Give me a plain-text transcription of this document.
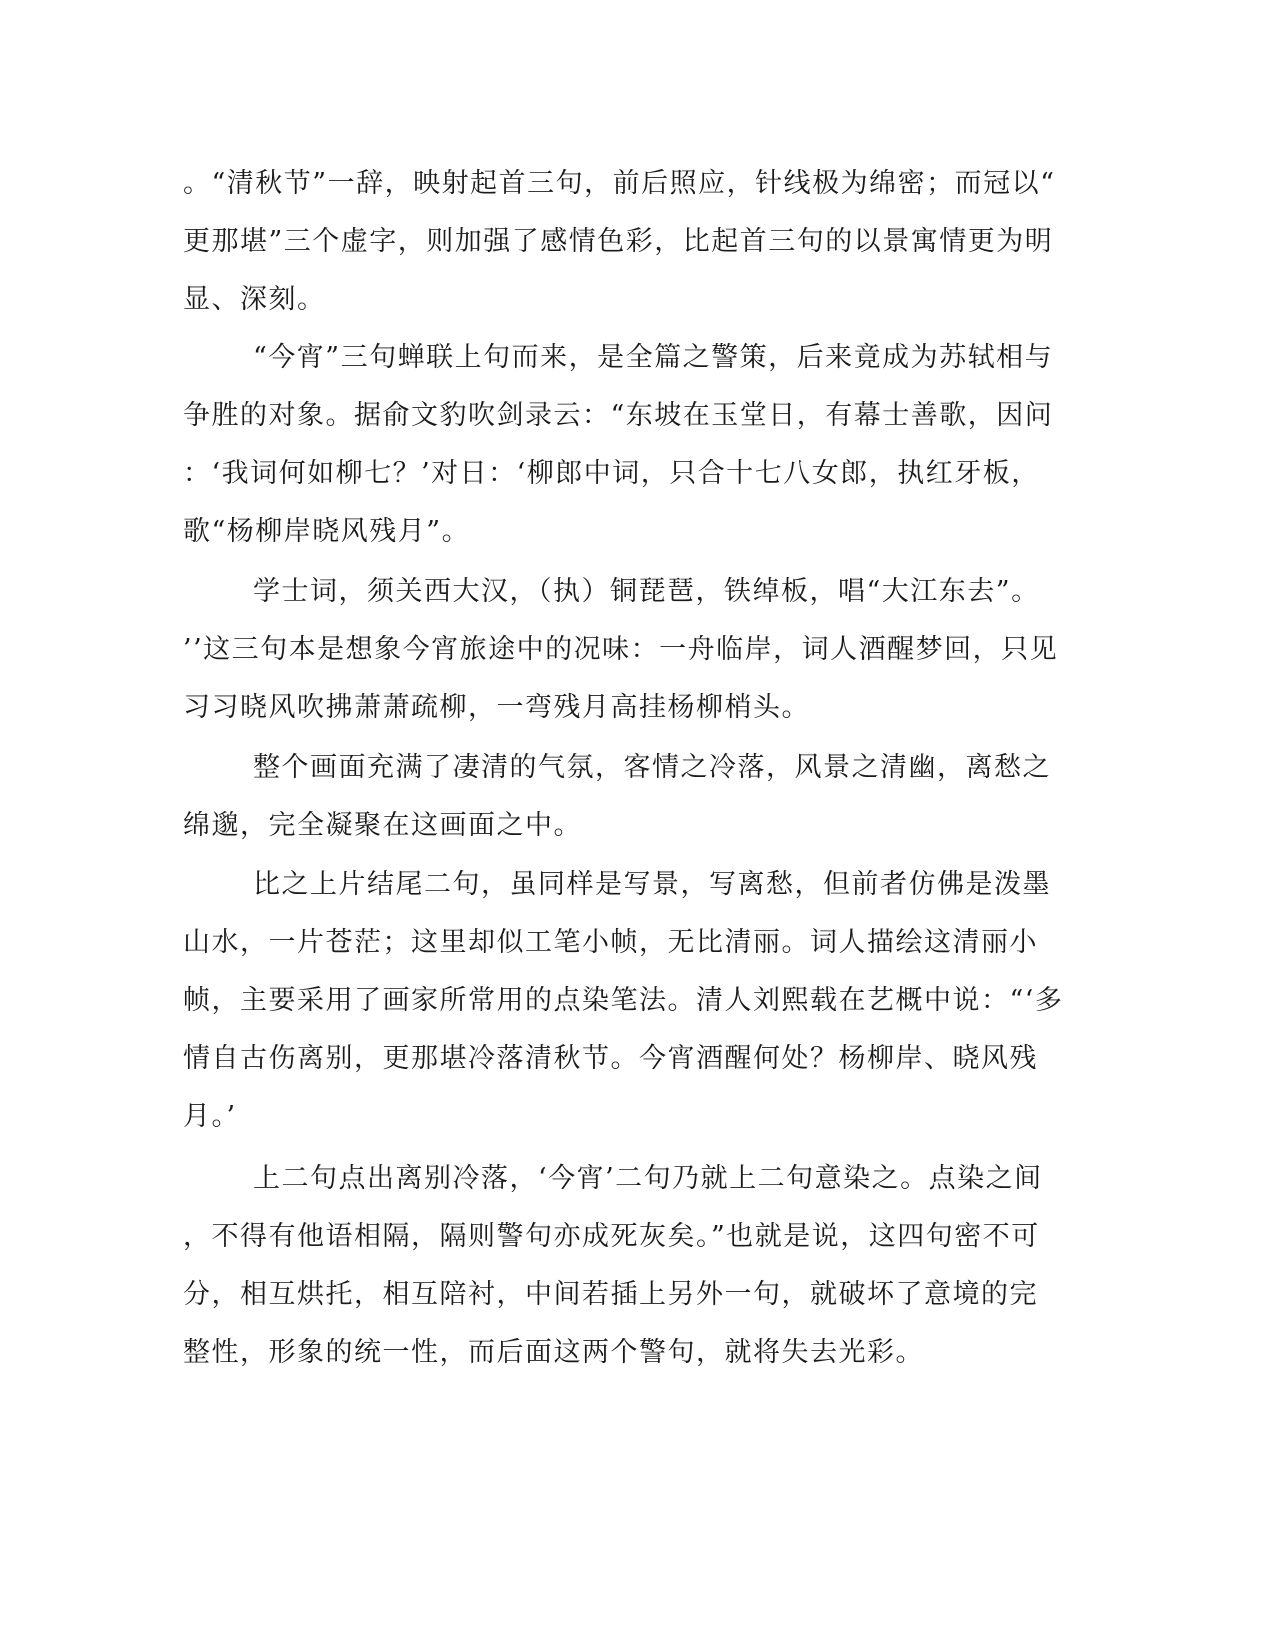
。“清秋节”一辞，映射起首三句，前后照应，针线极为绵密；而冠以“
更那堪”三个虚字，则加强了感情色彩，比起首三句的以景寓情更为明
显、深刻。
“今宵”三句蝉联上句而来，是全篇之警策，后来竟成为苏轼相与
争胜的对象。据俞文豹吹剑录云：“东坡在玉堂日，有幕士善歌，因问
：‘我词何如柳七？’对日：‘柳郎中词，只合十七八女郎，执红牙板，
歌“杨柳岸晓风残月”。
学士词，须关西大汉，（执）铜琵琶，铁绰板，唱“大江东去”。
’’这三句本是想象今宵旅途中的况味：一舟临岸，词人酒醒梦回，只见
习习晓风吹拂萧萧疏柳，一弯残月高挂杨柳梢头。
整个画面充满了凄清的气氛，客情之冷落，风景之清幽，离愁之
绵邈，完全凝聚在这画面之中。
比之上片结尾二句，虽同样是写景，写离愁，但前者仿佛是泼墨
山水，一片苍茫；这里却似工笔小帧，无比清丽。词人描绘这清丽小
帧，主要采用了画家所常用的点染笔法。清人刘熙载在艺概中说：“‘多
情自古伤离别，更那堪冷落清秋节。今宵酒醒何处？杨柳岸、晓风残
月。’
上二句点出离别冷落，‘今宵’二句乃就上二句意染之。点染之间
，不得有他语相隔，隔则警句亦成死灰矣。”也就是说，这四句密不可
分，相互烘托，相互陪衬，中间若插上另外一句，就破坏了意境的完
整性，形象的统一性，而后面这两个警句，就将失去光彩。
